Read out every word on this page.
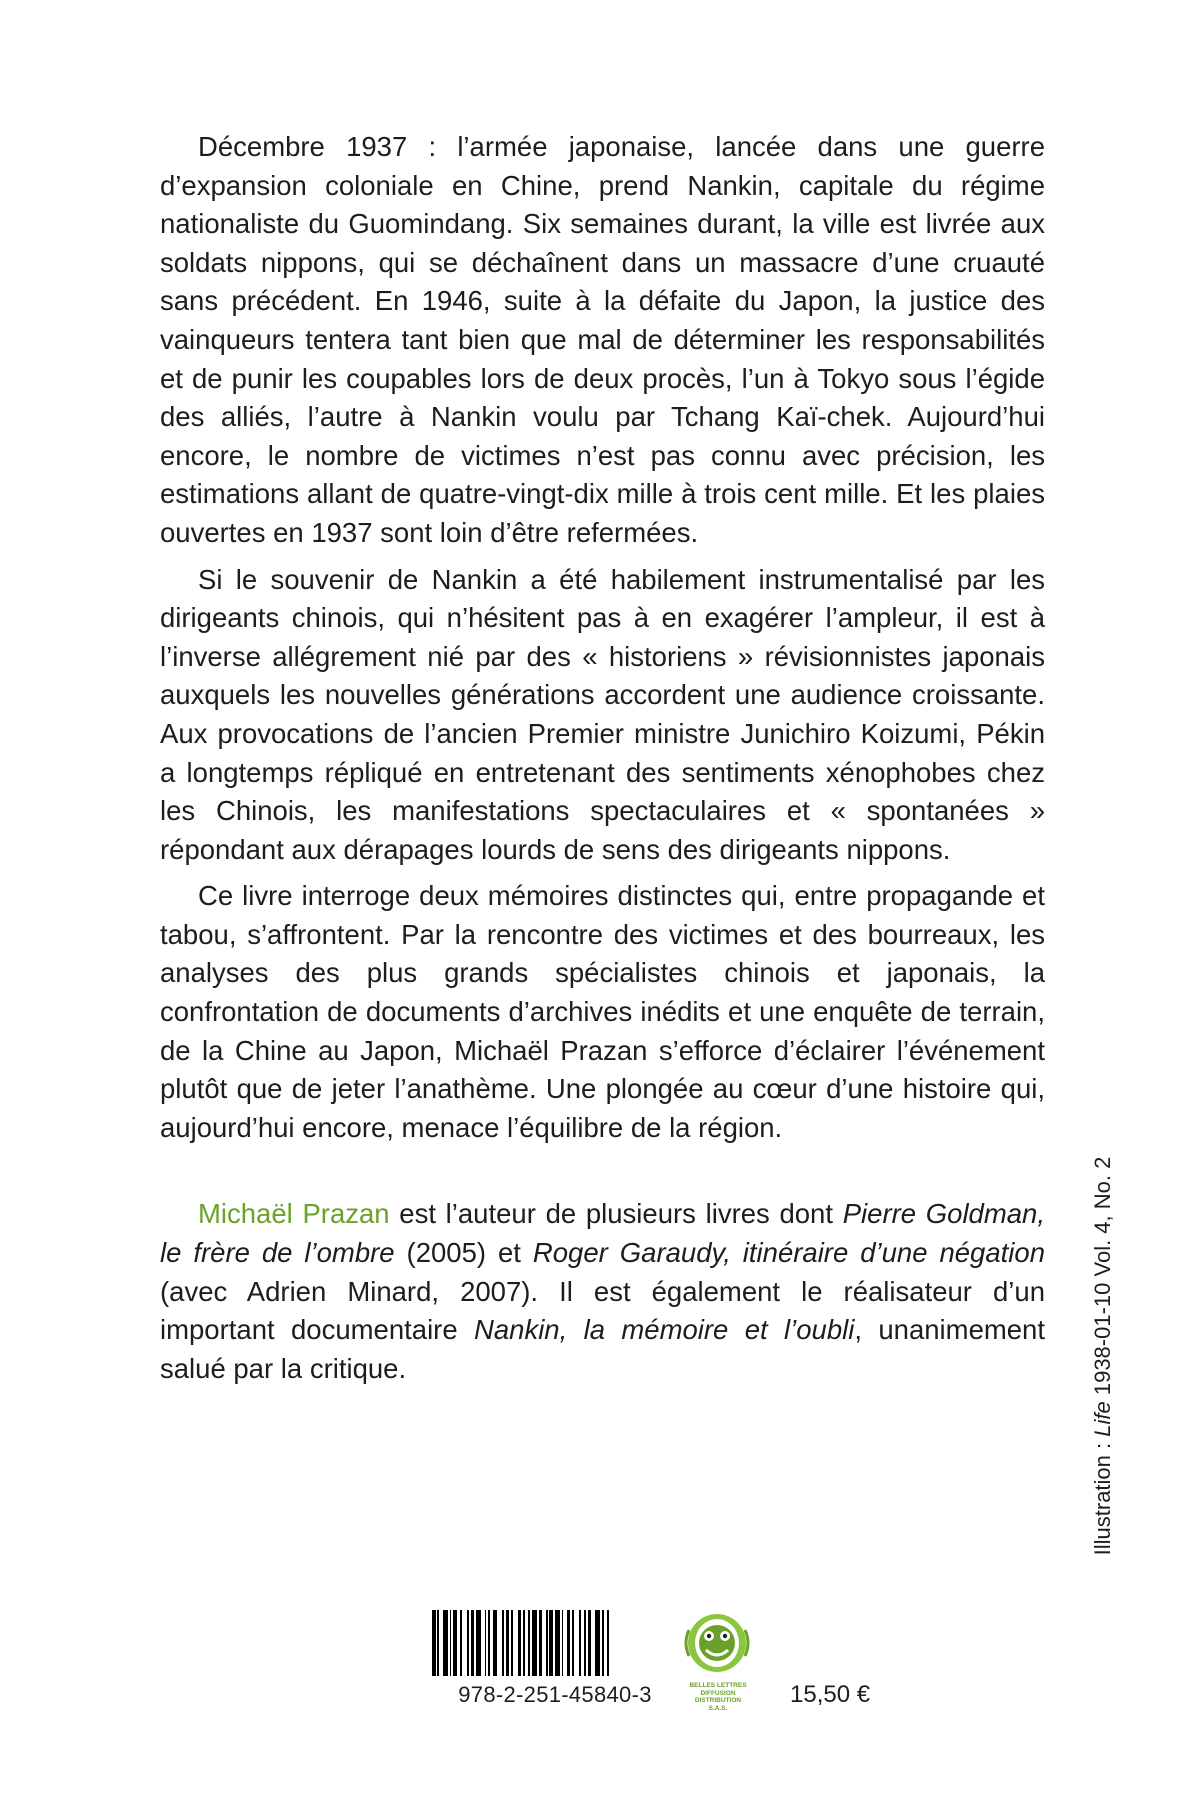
Décembre 1937 : l’armée japonaise, lancée dans une guerre d’expansion coloniale en Chine, prend Nankin, capitale du régime nationaliste du Guomindang. Six semaines durant, la ville est livrée aux soldats nippons, qui se déchaînent dans un massacre d’une cruauté sans précédent. En 1946, suite à la défaite du Japon, la justice des vainqueurs tentera tant bien que mal de déterminer les responsabilités et de punir les coupables lors de deux procès, l’un à Tokyo sous l’égide des alliés, l’autre à Nankin voulu par Tchang Kaï-chek. Aujourd’hui encore, le nombre de victimes n’est pas connu avec précision, les estimations allant de quatre-vingt-dix mille à trois cent mille. Et les plaies ouvertes en 1937 sont loin d’être refermées.

Si le souvenir de Nankin a été habilement instrumentalisé par les dirigeants chinois, qui n’hésitent pas à en exagérer l’ampleur, il est à l’inverse allégrement nié par des « historiens » révisionnistes japonais auxquels les nouvelles générations accordent une audience croissante. Aux provocations de l’ancien Premier ministre Junichiro Koizumi, Pékin a longtemps répliqué en entretenant des sentiments xénophobes chez les Chinois, les manifestations spectaculaires et « spontanées » répondant aux dérapages lourds de sens des dirigeants nippons.

Ce livre interroge deux mémoires distinctes qui, entre propagande et tabou, s’affrontent. Par la rencontre des victimes et des bourreaux, les analyses des plus grands spécialistes chinois et japonais, la confrontation de documents d’archives inédits et une enquête de terrain, de la Chine au Japon, Michaël Prazan s’efforce d’éclairer l’événement plutôt que de jeter l’anathème. Une plongée au cœur d’une histoire qui, aujourd’hui encore, menace l’équilibre de la région.

Michaël Prazan est l’auteur de plusieurs livres dont Pierre Goldman, le frère de l’ombre (2005) et Roger Garaudy, itinéraire d’une négation (avec Adrien Minard, 2007). Il est également le réalisateur d’un important documentaire Nankin, la mémoire et l’oubli, unanimement salué par la critique.

Illustration : Life 1938-01-10 Vol. 4, No. 2
978-2-251-45840-3	BELLES LETTRES
DIFFUSION
DISTRIBUTION
S.A.S.	15,50 €
